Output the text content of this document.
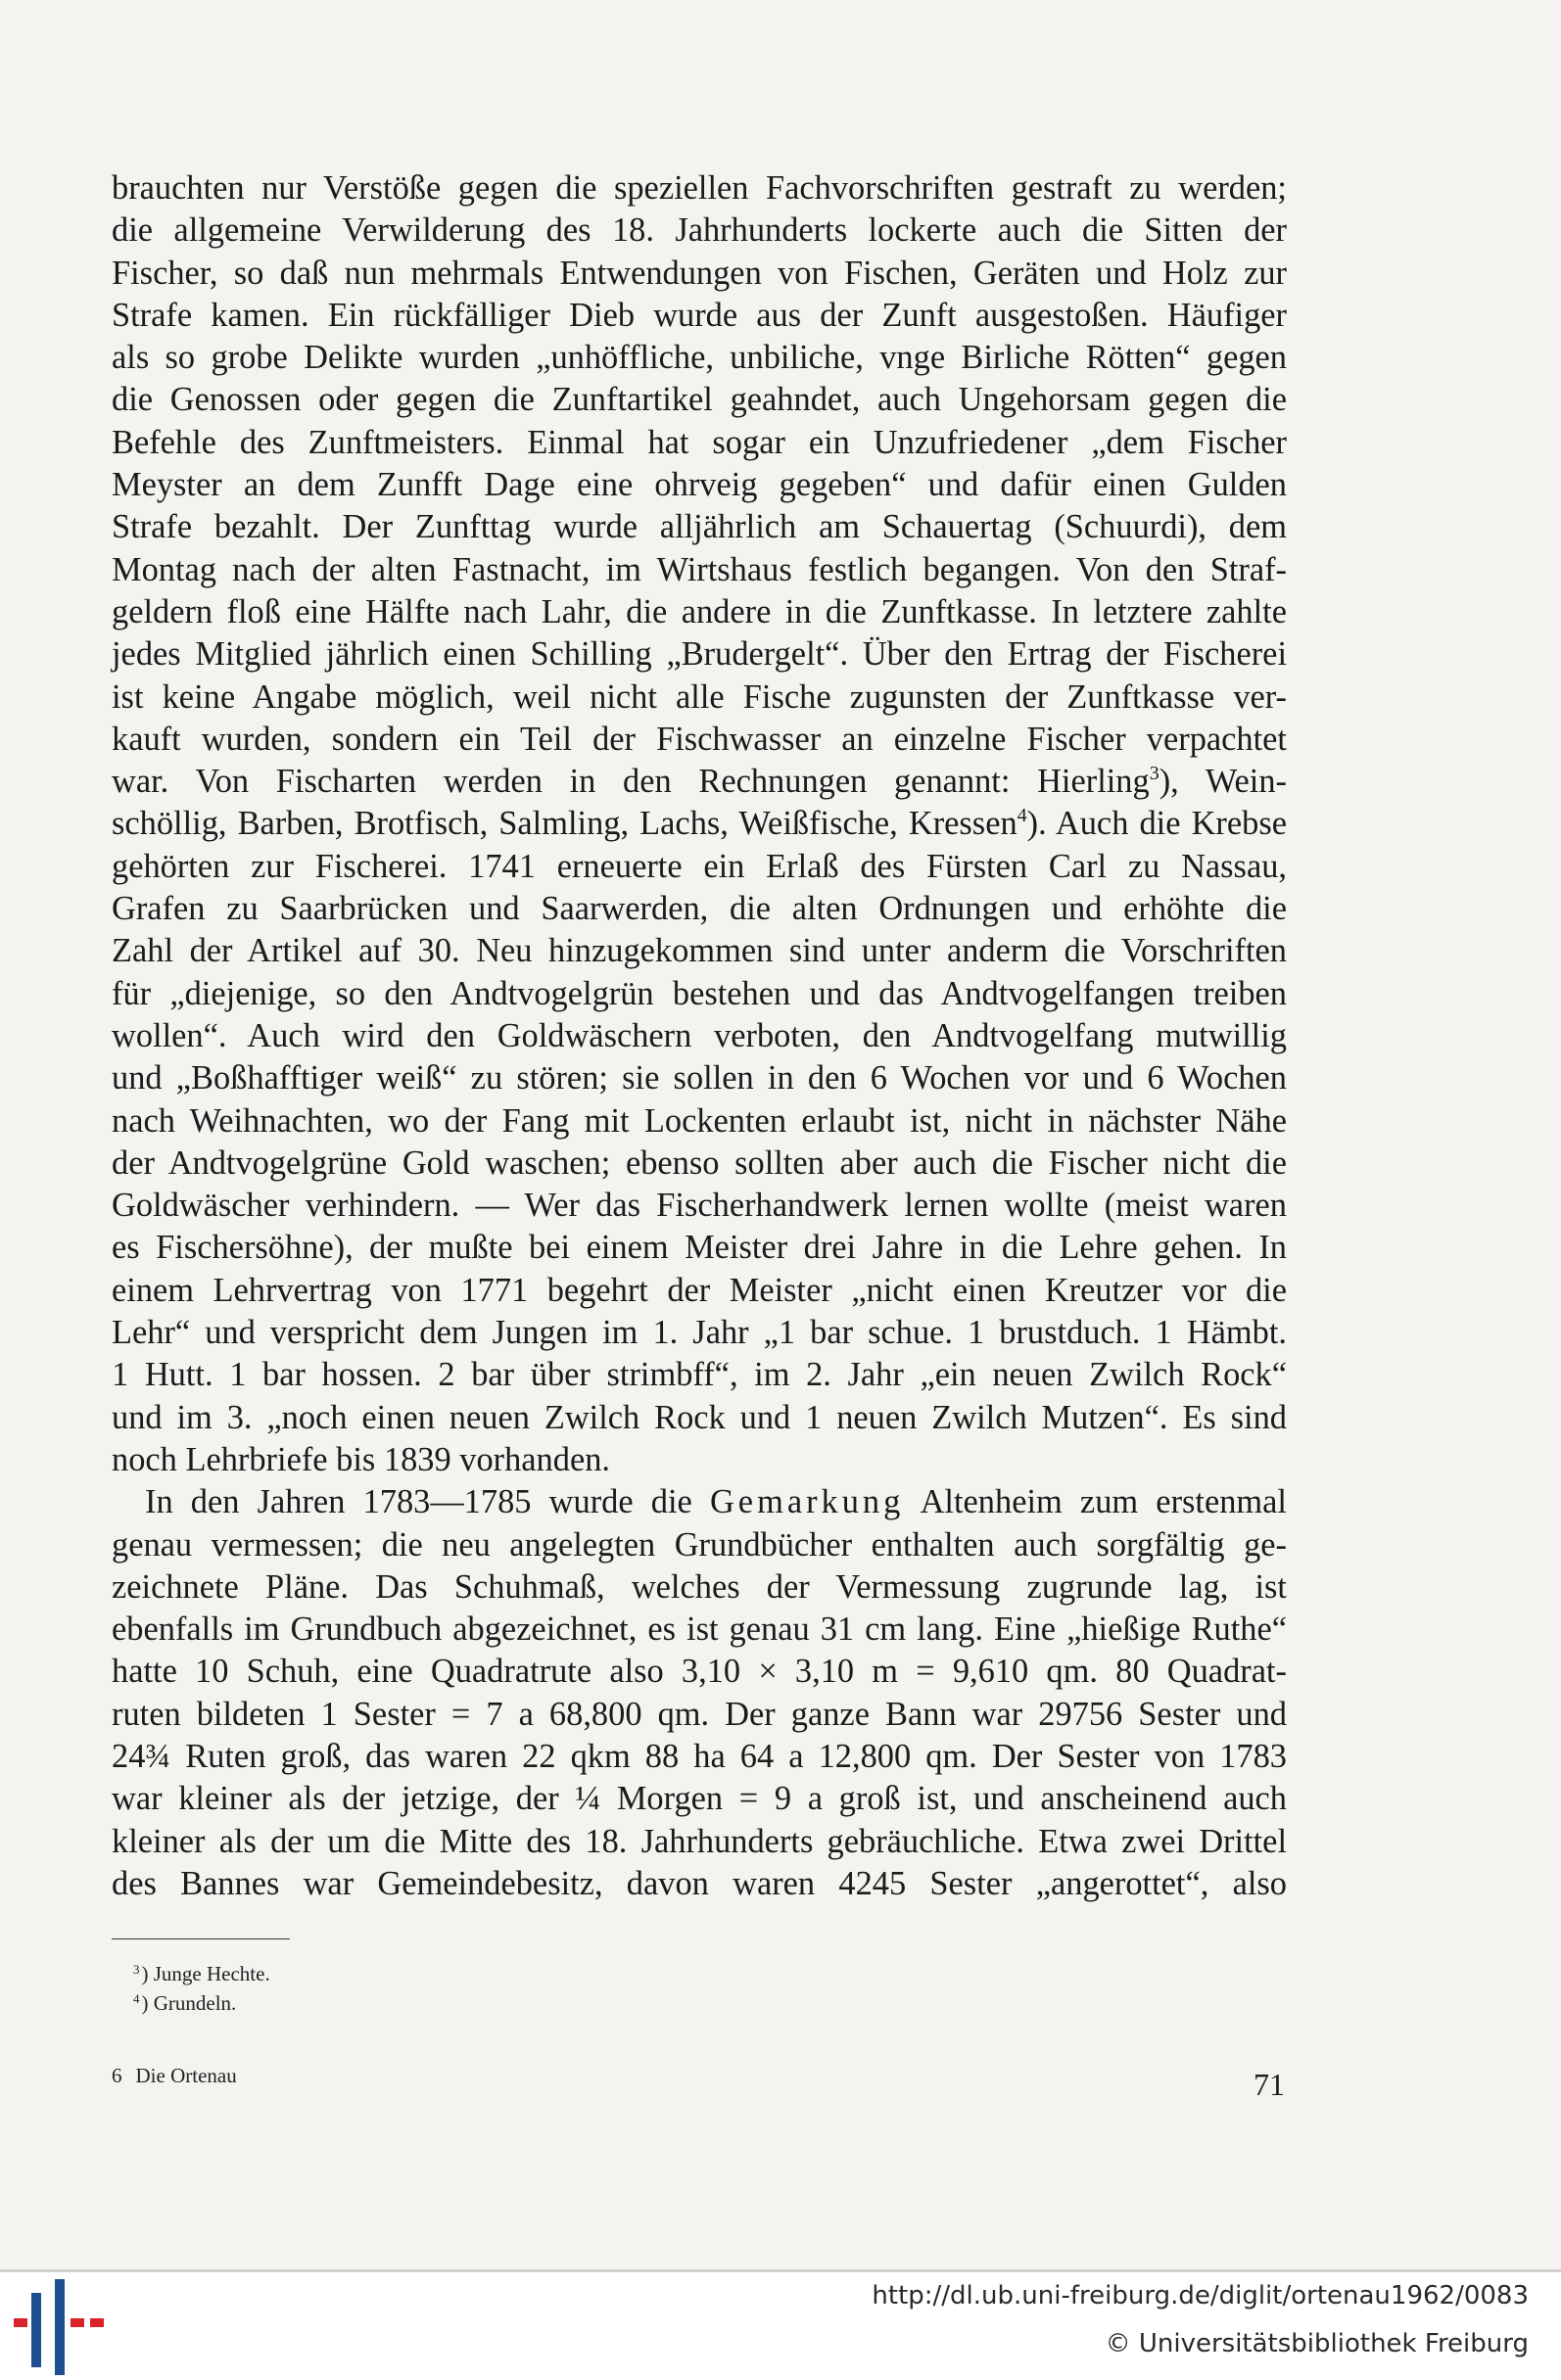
brauchten nur Verstöße gegen die speziellen Fachvorschriften gestraft zu werden;
die allgemeine Verwilderung des 18. Jahrhunderts lockerte auch die Sitten der
Fischer, so daß nun mehrmals Entwendungen von Fischen, Geräten und Holz zur
Strafe kamen. Ein rückfälliger Dieb wurde aus der Zunft ausgestoßen. Häufiger
als so grobe Delikte wurden „unhöffliche, unbiliche, vnge Birliche Rötten“ gegen
die Genossen oder gegen die Zunftartikel geahndet, auch Ungehorsam gegen die
Befehle des Zunftmeisters. Einmal hat sogar ein Unzufriedener „dem Fischer
Meyster an dem Zunfft Dage eine ohrveig gegeben“ und dafür einen Gulden
Strafe bezahlt. Der Zunfttag wurde alljährlich am Schauertag (Schuurdi), dem
Montag nach der alten Fastnacht, im Wirtshaus festlich begangen. Von den Straf-
geldern floß eine Hälfte nach Lahr, die andere in die Zunftkasse. In letztere zahlte
jedes Mitglied jährlich einen Schilling „Brudergelt“. Über den Ertrag der Fischerei
ist keine Angabe möglich, weil nicht alle Fische zugunsten der Zunftkasse ver-
kauft wurden, sondern ein Teil der Fischwasser an einzelne Fischer verpachtet
war. Von Fischarten werden in den Rechnungen genannt: Hierling$^3$), Wein-
schöllig, Barben, Brotfisch, Salmling, Lachs, Weißfische, Kressen$^4$). Auch die Krebse
gehörten zur Fischerei. 1741 erneuerte ein Erlaß des Fürsten Carl zu Nassau,
Grafen zu Saarbrücken und Saarwerden, die alten Ordnungen und erhöhte die
Zahl der Artikel auf 30. Neu hinzugekommen sind unter anderm die Vorschriften
für „diejenige, so den Andtvogelgrün bestehen und das Andtvogelfangen treiben
wollen“. Auch wird den Goldwäschern verboten, den Andtvogelfang mutwillig
und „Boßhafftiger weiß“ zu stören; sie sollen in den 6 Wochen vor und 6 Wochen
nach Weihnachten, wo der Fang mit Lockenten erlaubt ist, nicht in nächster Nähe
der Andtvogelgrüne Gold waschen; ebenso sollten aber auch die Fischer nicht die
Goldwäscher verhindern. — Wer das Fischerhandwerk lernen wollte (meist waren
es Fischersöhne), der mußte bei einem Meister drei Jahre in die Lehre gehen. In
einem Lehrvertrag von 1771 begehrt der Meister „nicht einen Kreutzer vor die
Lehr“ und verspricht dem Jungen im 1. Jahr „1 bar schue. 1 brustduch. 1 Hämbt.
1 Hutt. 1 bar hossen. 2 bar über strimbff“, im 2. Jahr „ein neuen Zwilch Rock“
und im 3. „noch einen neuen Zwilch Rock und 1 neuen Zwilch Mutzen“. Es sind
noch Lehrbriefe bis 1839 vorhanden.
In den Jahren 1783—1785 wurde die Gemarkung Altenheim zum erstenmal
genau vermessen; die neu angelegten Grundbücher enthalten auch sorgfältig ge-
zeichnete Pläne. Das Schuhmaß, welches der Vermessung zugrunde lag, ist
ebenfalls im Grundbuch abgezeichnet, es ist genau 31 cm lang. Eine „hießige Ruthe“
hatte 10 Schuh, eine Quadratrute also 3,10 × 3,10 m = 9,610 qm. 80 Quadrat-
ruten bildeten 1 Sester = 7 a 68,800 qm. Der ganze Bann war 29756 Sester und
24¾ Ruten groß, das waren 22 qkm 88 ha 64 a 12,800 qm. Der Sester von 1783
war kleiner als der jetzige, der ¼ Morgen = 9 a groß ist, und anscheinend auch
kleiner als der um die Mitte des 18. Jahrhunderts gebräuchliche. Etwa zwei Drittel
des Bannes war Gemeindebesitz, davon waren 4245 Sester „angerottet“, also
$^3$) Junge Hechte.
$^4$) Grundeln.
6 Die Ortenau	71
http://dl.ub.uni-freiburg.de/diglit/ortenau1962/0083
© Universitätsbibliothek Freiburg
